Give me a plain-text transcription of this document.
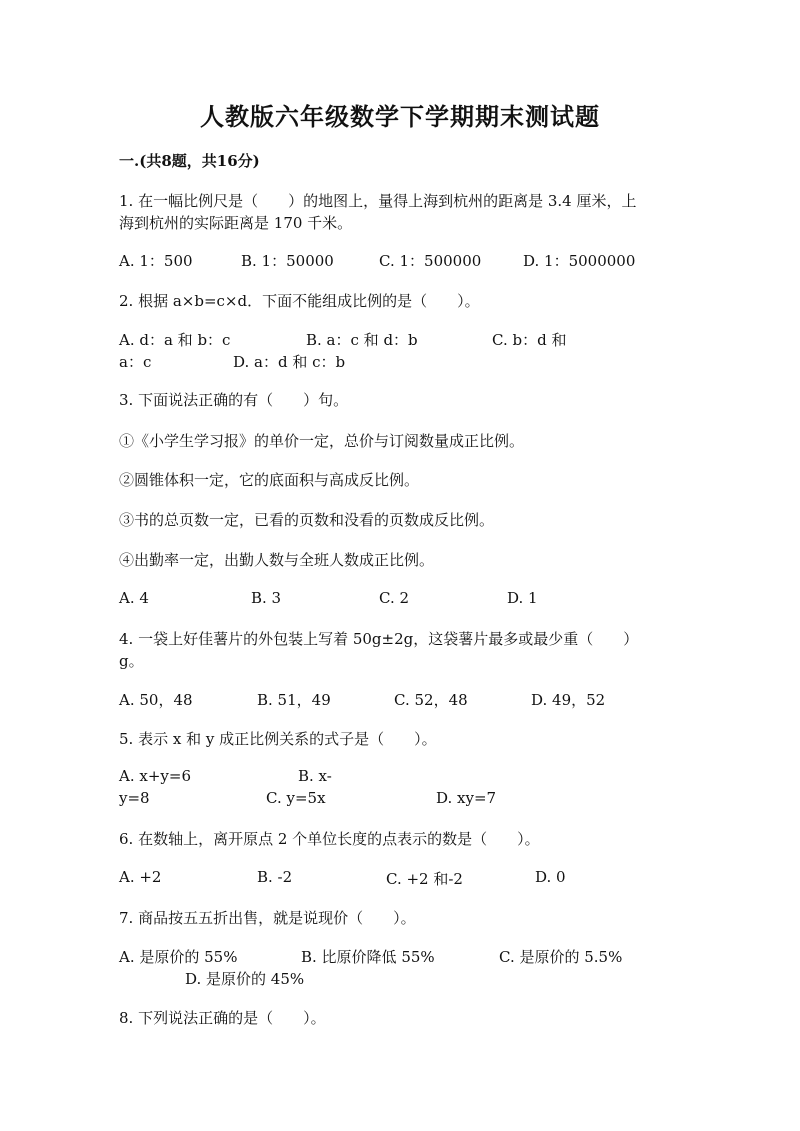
人教版六年级数学下学期期末测试题
一.(共8题，共16分)
1. 在一幅比例尺是（　　）的地图上，量得上海到杭州的距离是 3.4 厘米，上
海到杭州的实际距离是 170 千米。
A. 1：500	B. 1：50000	C. 1：500000	D. 1：5000000
2. 根据 a×b=c×d．下面不能组成比例的是（　　）。
A. d：a 和 b：c	B. a：c 和 d：b	C. b：d 和
a：c	D. a：d 和 c：b
3. 下面说法正确的有（　　）句。
①《小学生学习报》的单价一定，总价与订阅数量成正比例。
②圆锥体积一定，它的底面积与高成反比例。
③书的总页数一定，已看的页数和没看的页数成反比例。
④出勤率一定，出勤人数与全班人数成正比例。
A. 4	B. 3	C. 2	D. 1
4. 一袋上好佳薯片的外包装上写着 50g±2g，这袋薯片最多或最少重（　　）
g。
A. 50，48	B. 51，49	C. 52，48	D. 49，52
5. 表示 x 和 y 成正比例关系的式子是（　　）。
A. x+y=6	B. x-
y=8	C. y=5x	D. xy=7
6. 在数轴上，离开原点 2 个单位长度的点表示的数是（　　）。
A. +2	B. -2	C. +2 和-2	D. 0
7. 商品按五五折出售，就是说现价（　　）。
A. 是原价的 55%	B. 比原价降低 55%	C. 是原价的 5.5%
D. 是原价的 45%
8. 下列说法正确的是（　　）。
